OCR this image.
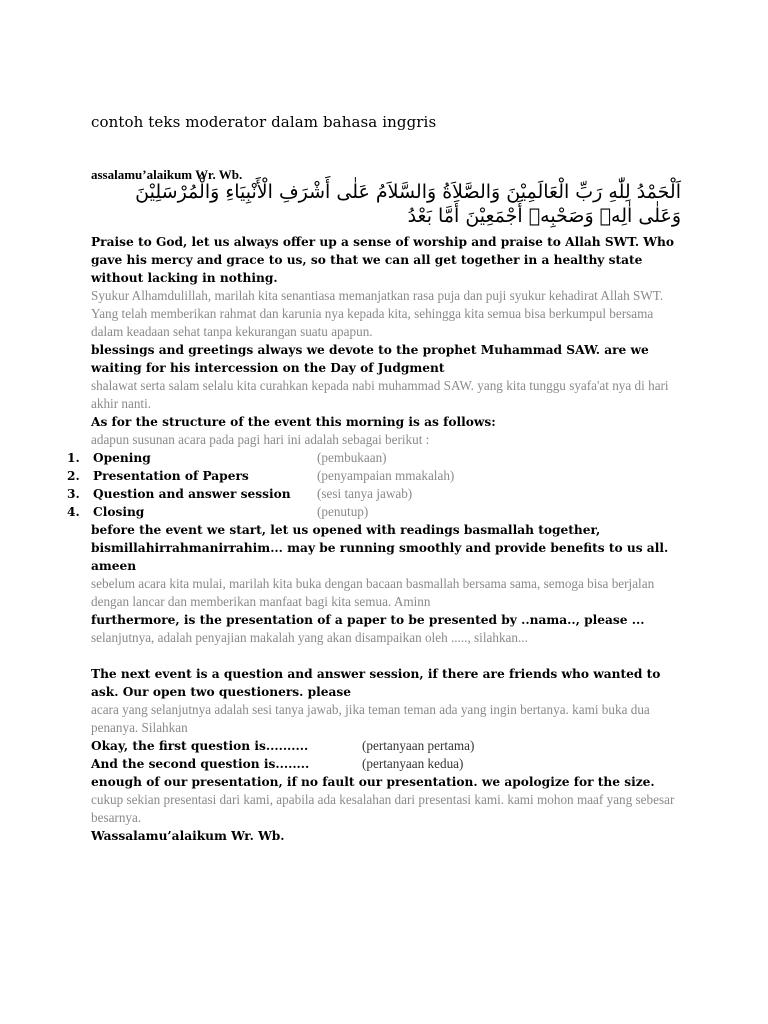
contoh teks moderator dalam bahasa inggris
assalamu’alaikum Wr. Wb.
اَلْحَمْدُ لِلّٰهِ رَبِّ الْعَالَمِيْنَ وَالصَّلاَةُ وَالسَّلاَمُ عَلٰى أَشْرَفِ الْأَنْبِيَاءِ وَالْمُرْسَلِيْنَ وَعَلٰى اٰلِهٖ وَصَحْبِهٖ أَجْمَعِيْنَ أَمَّا بَعْدُ

Praise to God, let us always offer up a sense of worship and praise to Allah SWT. Who gave his mercy and grace to us, so that we can all get together in a healthy state without lacking in nothing.

Syukur Alhamdulillah, marilah kita senantiasa memanjatkan rasa puja dan puji syukur kehadirat Allah SWT. Yang telah memberikan rahmat dan karunia nya kepada kita, sehingga kita semua bisa berkumpul bersama dalam keadaan sehat tanpa kekurangan suatu apapun.

blessings and greetings always we devote to the prophet Muhammad SAW. are we waiting for his intercession on the Day of Judgment

shalawat serta salam selalu kita curahkan kepada nabi muhammad SAW. yang kita tunggu syafa'at nya di hari akhir nanti.

As for the structure of the event this morning is as follows:

adapun susunan acara pada pagi hari ini adalah sebagai berikut :

1. Opening	(pembukaan)
2. Presentation of Papers	(penyampaian mmakalah)
3. Question and answer session (sesi tanya jawab)
4. Closing	(penutup)

before the event we start, let us opened with readings basmallah together, bismillahirrahmanirrahim... may be running smoothly and provide benefits to us all. ameen

sebelum acara kita mulai, marilah kita buka dengan bacaan basmallah bersama sama, semoga bisa berjalan dengan lancar dan memberikan manfaat bagi kita semua. Aminn

furthermore, is the presentation of a paper to be presented by ..nama.., please ...

selanjutnya, adalah penyajian makalah yang akan disampaikan oleh ....., silahkan...

The next event is a question and answer session, if there are friends who wanted to ask. Our open two questioners. please

acara yang selanjutnya adalah sesi tanya jawab, jika teman teman ada yang ingin bertanya. kami buka dua penanya. Silahkan

Okay, the first question is..........	(pertanyaan pertama)
And the second question is........	(pertanyaan kedua)

enough of our presentation, if no fault our presentation. we apologize for the size.

cukup sekian presentasi dari kami, apabila ada kesalahan dari presentasi kami. kami mohon maaf yang sebesar besarnya.

Wassalamu’alaikum Wr. Wb.
